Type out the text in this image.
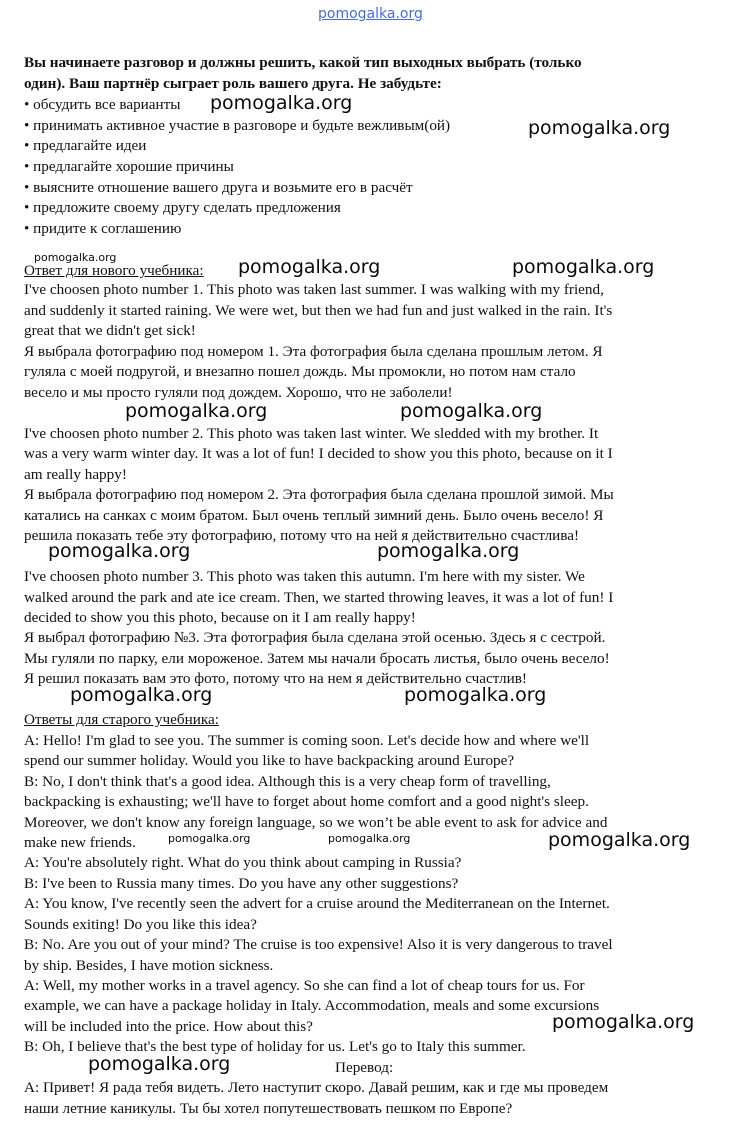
pomogalka.org

Вы начинаете разговор и должны решить, какой тип выходных выбрать (только

один). Ваш партнёр сыграет роль вашего друга. Не забудьте:

• обсудить все варианты

• принимать активное участие в разговоре и будьте вежливым(ой)

• предлагайте идеи

• предлагайте хорошие причины

• выясните отношение вашего друга и возьмите его в расчёт

• предложите своему другу сделать предложения

• придите к соглашению

Ответ для нового учебника:

I've choosen photo number 1. This photo was taken last summer. I was walking with my friend,

and suddenly it started raining. We were wet, but then we had fun and just walked in the rain. It's

great that we didn't get sick!

Я выбрала фотографию под номером 1. Эта фотография была сделана прошлым летом. Я

гуляла с моей подругой, и внезапно пошел дождь. Мы промокли, но потом нам стало

весело и мы просто гуляли под дождем. Хорошо, что не заболели!

I've choosen photo number 2. This photo was taken last winter. We sledded with my brother. It

was a very warm winter day. It was a lot of fun! I decided to show you this photo, because on it I

am really happy!

Я выбрала фотографию под номером 2. Эта фотография была сделана прошлой зимой. Мы

катались на санках с моим братом. Был очень теплый зимний день. Было очень весело! Я

решила показать тебе эту фотографию, потому что на ней я действительно счастлива!

I've choosen photo number 3. This photo was taken this autumn. I'm here with my sister. We

walked around the park and ate ice cream. Then, we started throwing leaves, it was a lot of fun! I

decided to show you this photo, because on it I am really happy!

Я выбрал фотографию №3. Эта фотография была сделана этой осенью. Здесь я с сестрой.

Мы гуляли по парку, ели мороженое. Затем мы начали бросать листья, было очень весело!

Я решил показать вам это фото, потому что на нем я действительно счастлив!

Ответы для старого учебника:

A: Hello! I'm glad to see you. The summer is coming soon. Let's decide how and where we'll

spend our summer holiday. Would you like to have backpacking around Europe?

B: No, I don't think that's a good idea. Although this is a very cheap form of travelling,

backpacking is exhausting; we'll have to forget about home comfort and a good night's sleep.

Moreover, we don't know any foreign language, so we won’t be able event to ask for advice and

make new friends.

A: You're absolutely right. What do you think about camping in Russia?

B: I've been to Russia many times. Do you have any other suggestions?

A: You know, I've recently seen the advert for a cruise around the Mediterranean on the Internet.

Sounds exiting! Do you like this idea?

B: No. Are you out of your mind? The cruise is too expensive! Also it is very dangerous to travel

by ship. Besides, I have motion sickness.

A: Well, my mother works in a travel agency. So she can find a lot of cheap tours for us. For

example, we can have a package holiday in Italy. Accommodation, meals and some excursions

will be included into the price. How about this?

B: Oh, I believe that's the best type of holiday for us. Let's go to Italy this summer.

Перевод:

A: Привет! Я рада тебя видеть. Лето наступит скоро. Давай решим, как и где мы проведем

наши летние каникулы. Ты бы хотел попутешествовать пешком по Европе?

pomogalka.org
pomogalka.org
pomogalka.org	pomogalka.org	pomogalka.org
pomogalka.org	pomogalka.org
pomogalka.org	pomogalka.org
pomogalka.org	pomogalka.org
pomogalka.org	pomogalka.org	pomogalka.org
pomogalka.org
pomogalka.org
